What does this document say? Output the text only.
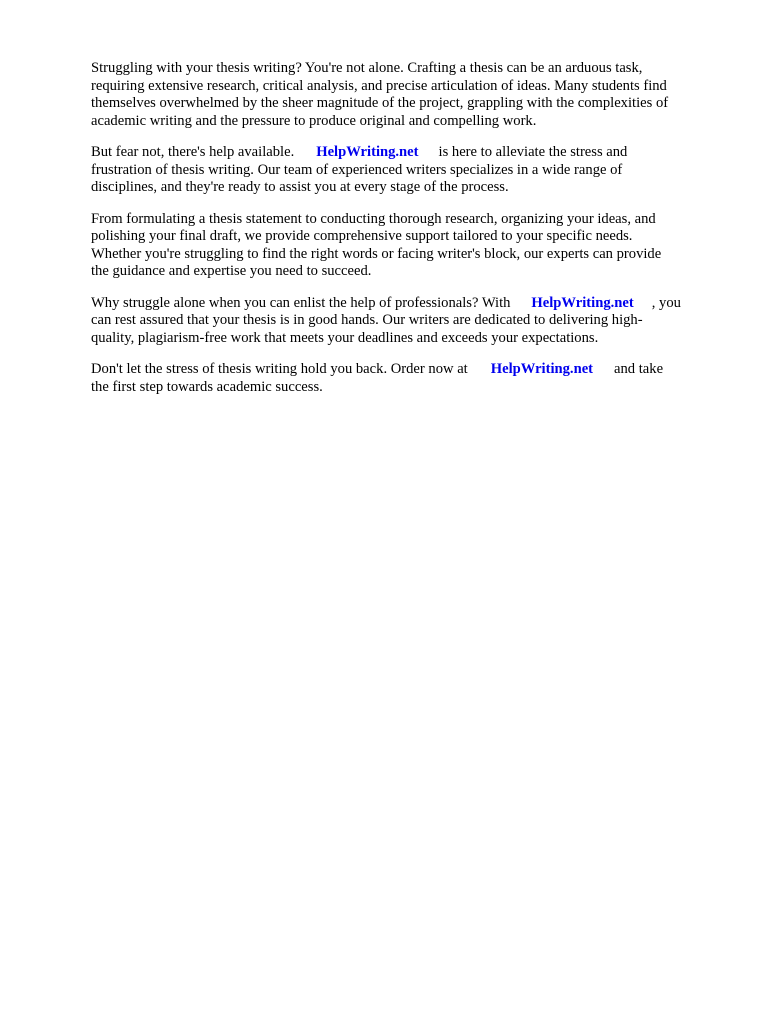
Struggling with your thesis writing? You're not alone. Crafting a thesis can be an arduous task,
requiring extensive research, critical analysis, and precise articulation of ideas. Many students find
themselves overwhelmed by the sheer magnitude of the project, grappling with the complexities of
academic writing and the pressure to produce original and compelling work.

But fear not, there's help available. HelpWriting.net is here to alleviate the stress and
frustration of thesis writing. Our team of experienced writers specializes in a wide range of
disciplines, and they're ready to assist you at every stage of the process.

From formulating a thesis statement to conducting thorough research, organizing your ideas, and
polishing your final draft, we provide comprehensive support tailored to your specific needs.
Whether you're struggling to find the right words or facing writer's block, our experts can provide
the guidance and expertise you need to succeed.

Why struggle alone when you can enlist the help of professionals? With HelpWriting.net , you
can rest assured that your thesis is in good hands. Our writers are dedicated to delivering high-
quality, plagiarism-free work that meets your deadlines and exceeds your expectations.

Don't let the stress of thesis writing hold you back. Order now at HelpWriting.net and take
the first step towards academic success.
